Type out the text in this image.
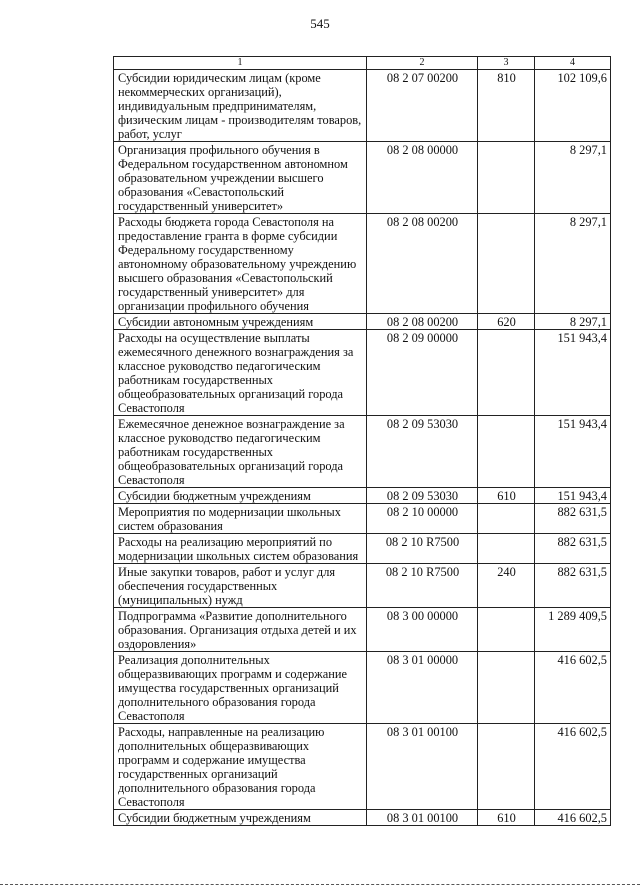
545
1	2	3	4
Субсидии юридическим лицам (кроме некоммерческих организаций), индивидуальным предпринимателям, физическим лицам - производителям товаров, работ, услуг	08 2 07 00200	810	102 109,6
Организация профильного обучения в Федеральном государственном автономном образовательном учреждении высшего образования «Севастопольский государственный университет»	08 2 08 00000		8 297,1
Расходы бюджета города Севастополя на предоставление гранта в форме субсидии Федеральному государственному автономному образовательному учреждению высшего образования «Севастопольский государственный университет» для организации профильного обучения	08 2 08 00200		8 297,1
Субсидии автономным учреждениям	08 2 08 00200	620	8 297,1
Расходы на осуществление выплаты ежемесячного денежного вознаграждения за классное руководство педагогическим работникам государственных общеобразовательных организаций города Севастополя	08 2 09 00000		151 943,4
Ежемесячное денежное вознаграждение за классное руководство педагогическим работникам государственных общеобразовательных организаций города Севастополя	08 2 09 53030		151 943,4
Субсидии бюджетным учреждениям	08 2 09 53030	610	151 943,4
Мероприятия по модернизации школьных систем образования	08 2 10 00000		882 631,5
Расходы на реализацию мероприятий по модернизации школьных систем образования	08 2 10 R7500		882 631,5
Иные закупки товаров, работ и услуг для обеспечения государственных (муниципальных) нужд	08 2 10 R7500	240	882 631,5
Подпрограмма «Развитие дополнительного образования. Организация отдыха детей и их оздоровления»	08 3 00 00000		1 289 409,5
Реализация дополнительных общеразвивающих программ и содержание имущества государственных организаций дополнительного образования города Севастополя	08 3 01 00000		416 602,5
Расходы, направленные на реализацию дополнительных общеразвивающих программ и содержание имущества государственных организаций дополнительного образования города Севастополя	08 3 01 00100		416 602,5
Субсидии бюджетным учреждениям	08 3 01 00100	610	416 602,5
